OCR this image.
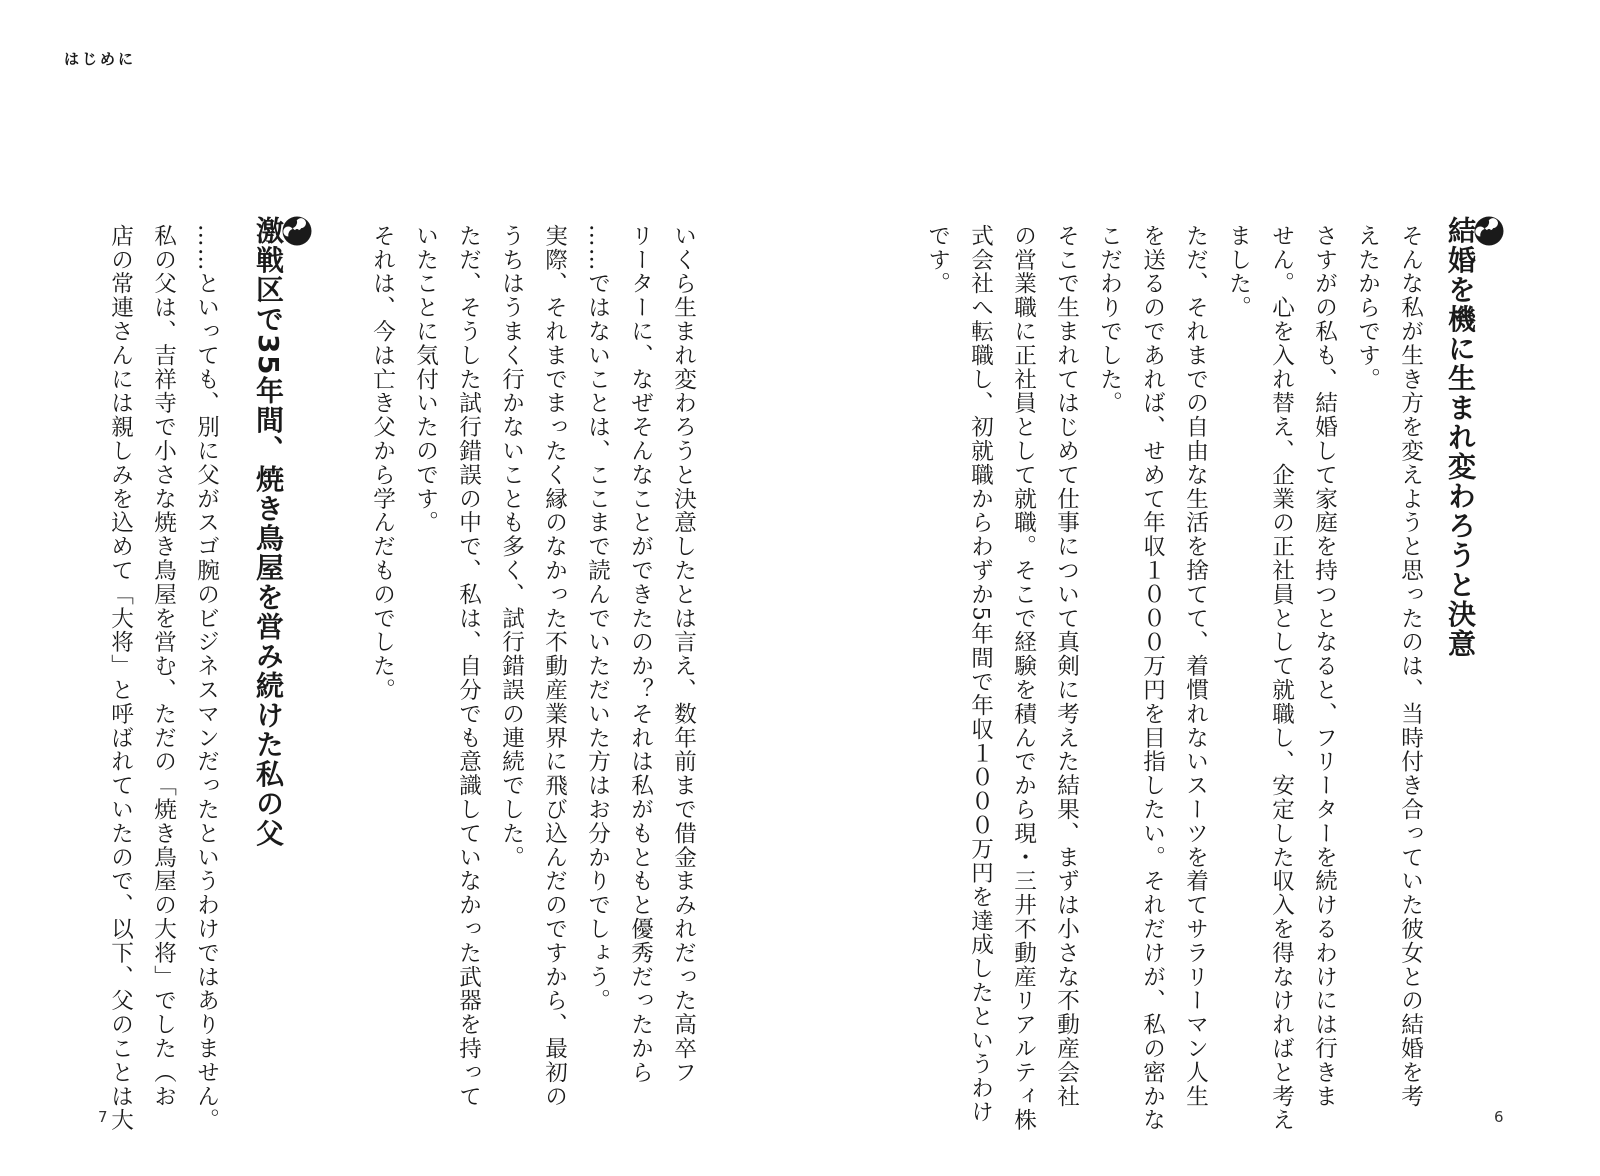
はじめに
結婚を機に生まれ変わろうと決意
そんな私が生き方を変えようと思ったのは、当時付き合っていた彼女との結婚を考
えたからです。
さすがの私も、結婚して家庭を持つとなると、フリーターを続けるわけには行きま
せん。心を入れ替え、企業の正社員として就職し、安定した収入を得なければと考え
ました。
ただ、それまでの自由な生活を捨てて、着慣れないスーツを着てサラリーマン人生
を送るのであれば、せめて年収１０００万円を目指したい。それだけが、私の密かな
こだわりでした。
そこで生まれてはじめて仕事について真剣に考えた結果、まずは小さな不動産会社
の営業職に正社員として就職。そこで経験を積んでから現・三井不動産リアルティ株
式会社へ転職し、初就職からわずか5年間で年収１０００万円を達成したというわけ
です。
いくら生まれ変わろうと決意したとは言え、数年前まで借金まみれだった高卒フ
リーターに、なぜそんなことができたのか？それは私がもともと優秀だったから
……ではないことは、ここまで読んでいただいた方はお分かりでしょう。
実際、それまでまったく縁のなかった不動産業界に飛び込んだのですから、最初の
うちはうまく行かないことも多く、試行錯誤の連続でした。
ただ、そうした試行錯誤の中で、私は、自分でも意識していなかった武器を持って
いたことに気付いたのです。
それは、今は亡き父から学んだものでした。
激戦区で35年間、焼き鳥屋を営み続けた私の父
……といっても、別に父がスゴ腕のビジネスマンだったというわけではありません。
私の父は、吉祥寺で小さな焼き鳥屋を営む、ただの「焼き鳥屋の大将」でした（お
店の常連さんには親しみを込めて「大将」と呼ばれていたので、以下、父のことは大	6
7
